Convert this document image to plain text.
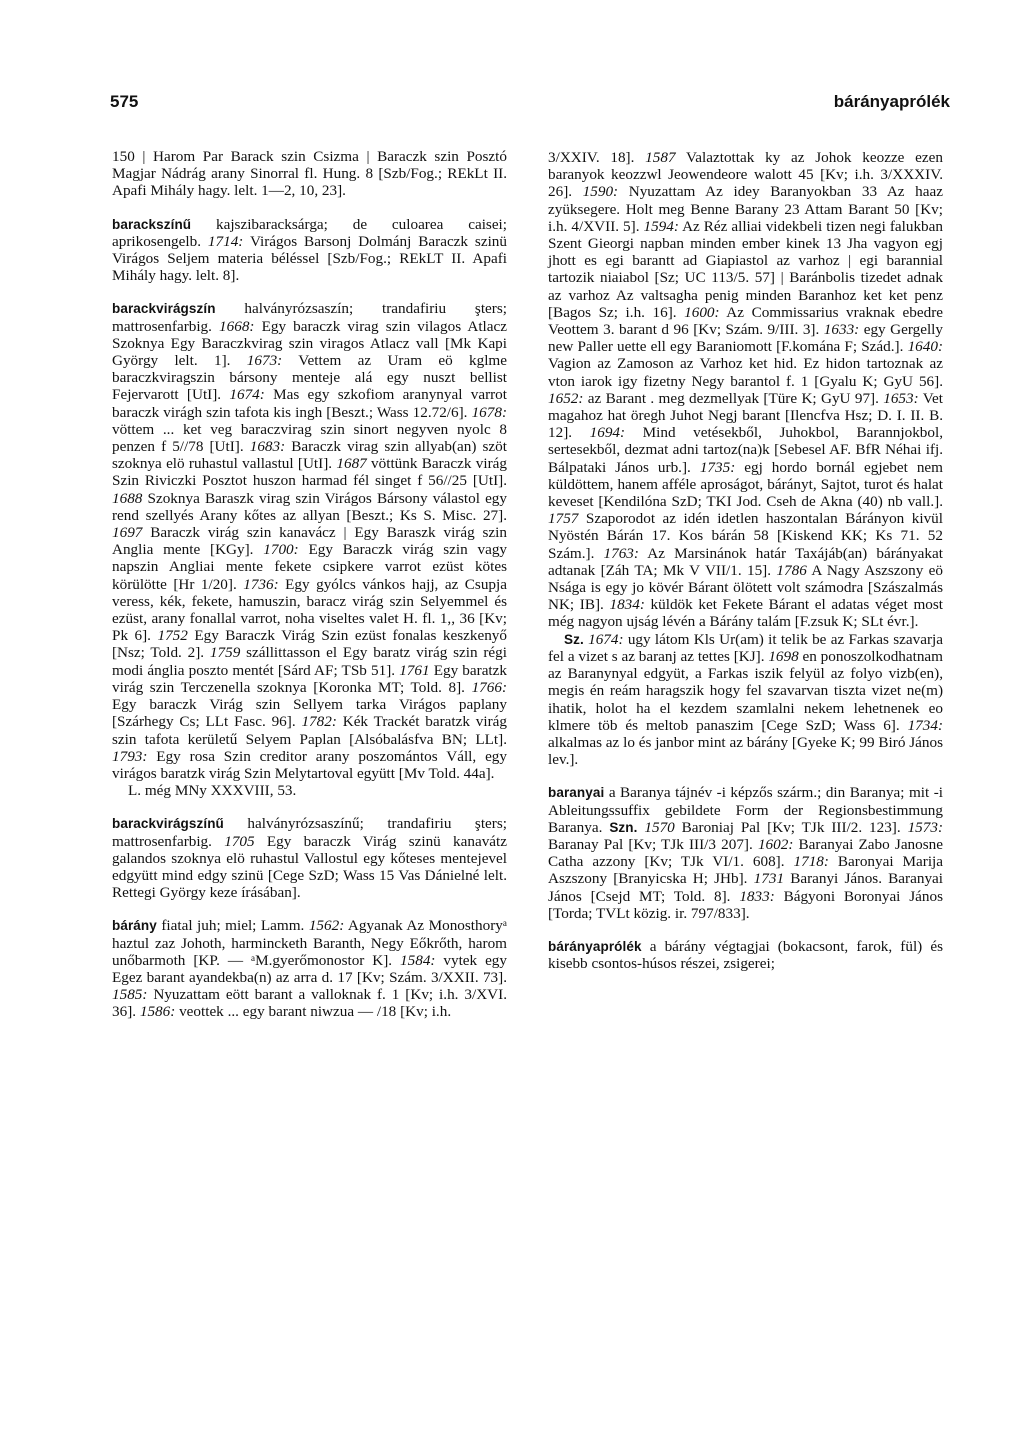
575	bárányaprólék

150 | Harom Par Barack szin Csizma | Baraczk szin Posztó Magjar Nádrág arany Sinorral fl. Hung. 8 [Szb/Fog.; REkLt II. Apafi Mihály hagy. lelt. 1—2, 10, 23].

barackszínű kajszibaracksárga; de culoarea caisei; aprikosengelb. 1714: Virágos Barsonj Dolmánj Baraczk szinü Virágos Seljem materia béléssel [Szb/Fog.; REkLT II. Apafi Mihály hagy. lelt. 8].

barackvirágszín halványrózsaszín; trandafiriu şters; mattrosenfarbig. 1668: Egy baraczk virag szin vilagos Atlacz Szoknya Egy Baraczkvirag szin viragos Atlacz vall [Mk Kapi György lelt. 1]. 1673: Vettem az Uram eö kglme baraczkviragszin bársony menteje alá egy nuszt bellist Fejervarott [UtI]. 1674: Mas egy szkofiom aranynyal varrot baraczk virágh szin tafota kis ingh [Beszt.; Wass 12.72/6]. 1678: vöttem ... ket veg baraczvirag szin sinort negyven nyolc 8 penzen f 5//78 [UtI]. 1683: Baraczk virag szin allyab(an) szöt szoknya elö ruhastul vallastul [UtI]. 1687 vöttünk Baraczk virág Szin Riviczki Posztot huszon harmad fél singet f 56//25 [UtI]. 1688 Szoknya Baraszk virag szin Virágos Bársony válastol egy rend szellyés Arany kőtes az allyan [Beszt.; Ks S. Misc. 27]. 1697 Baraczk virág szin kanavácz | Egy Baraszk virág szin Anglia mente [KGy]. 1700: Egy Baraczk virág szin vagy napszin Angliai mente fekete csipkere varrot ezüst kötes körülötte [Hr 1/20]. 1736: Egy gyólcs vánkos hajj, az Csupja veress, kék, fekete, hamuszin, baracz virág szin Selyemmel és ezüst, arany fonallal varrot, noha viseltes valet H. fl. 1,, 36 [Kv; Pk 6]. 1752 Egy Baraczk Virág Szin ezüst fonalas keszkenyő [Nsz; Told. 2]. 1759 szállittasson el Egy baratz virág szin régi modi ánglia poszto mentét [Sárd AF; TSb 51]. 1761 Egy baratzk virág szin Terczenella szoknya [Koronka MT; Told. 8]. 1766: Egy baraczk Virág szin Sellyem tarka Virágos paplany [Szárhegy Cs; LLt Fasc. 96]. 1782: Kék Trackét baratzk virág szin tafota kerületű Selyem Paplan [Alsóbalásfva BN; LLt]. 1793: Egy rosa Szin creditor arany poszomántos Váll, egy virágos baratzk virág Szin Melytartoval együtt [Mv Told. 44a].

L. még MNy XXXVIII, 53.

barackvirágszínű halványrózsaszínű; trandafiriu şters; mattrosenfarbig. 1705 Egy baraczk Virág szinü kanavátz galandos szoknya elö ruhastul Vallostul egy kőteses mentejevel edgyütt mind edgy szinü [Cege SzD; Wass 15 Vas Dánielné lelt. Rettegi György keze írásában].

bárány fiatal juh; miel; Lamm. 1562: Agyanak Az Monosthoryᵃ haztul zaz Johoth, harmincketh Baranth, Negy Eőkrőth, harom unőbarmoth [KP. — ᵃM.gyerőmonostor K]. 1584: vytek egy Egez barant ayandekba(n) az arra d. 17 [Kv; Szám. 3/XXII. 73]. 1585: Nyuzattam eött barant a valloknak f. 1 [Kv; i.h. 3/XVI. 36]. 1586: veottek ... egy barant niwzua — /18 [Kv; i.h.

3/XXIV. 18]. 1587 Valaztottak ky az Johok keozze ezen baranyok keozzwl Jeowendeore walott 45 [Kv; i.h. 3/XXXIV. 26]. 1590: Nyuzattam Az idey Baranyokban 33 Az haaz zyüksegere. Holt meg Benne Barany 23 Attam Barant 50 [Kv; i.h. 4/XVII. 5]. 1594: Az Réz alliai videkbeli tizen negi falukban Szent Gieorgi napban minden ember kinek 13 Jha vagyon egj jhott es egi barantt ad Giapiastol az varhoz | egi barannial tartozik niaiabol [Sz; UC 113/5. 57] | Baránbolis tizedet adnak az varhoz Az valtsagha penig minden Baranhoz ket ket penz [Bagos Sz; i.h. 16]. 1600: Az Commissarius vraknak ebedre Veottem 3. barant d 96 [Kv; Szám. 9/III. 3]. 1633: egy Gergelly new Paller uette ell egy Baraniomott [F.komána F; Szád.]. 1640: Vagion az Zamoson az Varhoz ket hid. Ez hidon tartoznak az vton iarok igy fizetny Negy barantol f. 1 [Gyalu K; GyU 56]. 1652: az Barant . meg dezmellyak [Türe K; GyU 97]. 1653: Vet magahoz hat öregh Juhot Negj barant [Ilencfva Hsz; D. I. II. B. 12]. 1694: Mind vetésekből, Juhokbol, Barannjokbol, sertesekből, dezmat adni tartoz(na)k [Sebesel AF. BfR Néhai ifj. Bálpataki János urb.]. 1735: egj hordo bornál egjebet nem küldöttem, hanem afféle aproságot, bárányt, Sajtot, turot és halat keveset [Kendilóna SzD; TKI Jod. Cseh de Akna (40) nb vall.]. 1757 Szaporodot az idén idetlen haszontalan Bárányon kivül Nyöstén Bárán 17. Kos bárán 58 [Kiskend KK; Ks 71. 52 Szám.]. 1763: Az Marsinánok határ Taxájáb(an) bárányakat adtanak [Záh TA; Mk V VII/1. 15]. 1786 A Nagy Aszszony eö Nsága is egy jo kövér Bárant ölötett volt számodra [Szászalmás NK; IB]. 1834: küldök ket Fekete Bárant el adatas véget most még nagyon ujság lévén a Bárány talám [F.zsuk K; SLt évr.].

Sz. 1674: ugy látom Kls Ur(am) it telik be az Farkas szavarja fel a vizet s az baranj az tettes [KJ]. 1698 en ponoszolkodhatnam az Baranynyal edgyüt, a Farkas iszik felyül az folyo vizb(en), megis én reám haragszik hogy fel szavarvan tiszta vizet ne(m) ihatik, holot ha el kezdem szamlalni nekem lehetnenek eo klmere töb és meltob panaszim [Cege SzD; Wass 6]. 1734: alkalmas az lo és janbor mint az bárány [Gyeke K; 99 Biró János lev.].

baranyai a Baranya tájnév -i képzős szárm.; din Baranya; mit -i Ableitungssuffix gebildete Form der Regionsbestimmung Baranya. Szn. 1570 Baroniaj Pal [Kv; TJk III/2. 123]. 1573: Baranay Pal [Kv; TJk III/3 207]. 1602: Baranyai Zabo Janosne Catha azzony [Kv; TJk VI/1. 608]. 1718: Baronyai Marija Aszszony [Branyicska H; JHb]. 1731 Baranyi János. Baranyai János [Csejd MT; Told. 8]. 1833: Bágyoni Boronyai János [Torda; TVLt közig. ir. 797/833].

bárányaprólék a bárány végtagjai (bokacsont, farok, fül) és kisebb csontos-húsos részei, zsigerei;
